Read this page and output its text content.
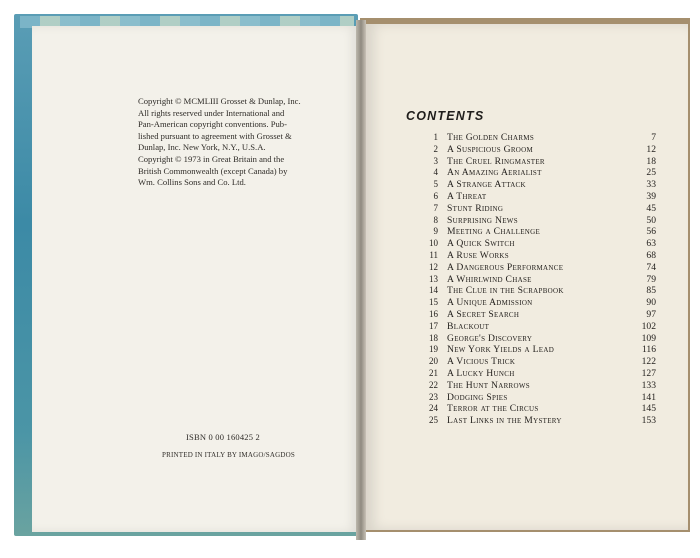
Copyright © MCMLIII Grosset & Dunlap, Inc.
All rights reserved under International and
Pan-American copyright conventions. Pub-
lished pursuant to agreement with Grosset &
Dunlap, Inc. New York, N.Y., U.S.A.
Copyright © 1973 in Great Britain and the
British Commonwealth (except Canada) by
Wm. Collins Sons and Co. Ltd.
ISBN 0 00 160425 2
PRINTED IN ITALY BY IMAGO/SAGDOS
CONTENTS
1 The Golden Charms	7
2 A Suspicious Groom	12
3 The Cruel Ringmaster	18
4 An Amazing Aerialist	25
5 A Strange Attack	33
6 A Threat	39
7 Stunt Riding	45
8 Surprising News	50
9 Meeting a Challenge	56
10 A Quick Switch	63
11 A Ruse Works	68
12 A Dangerous Performance	74
13 A Whirlwind Chase	79
14 The Clue in the Scrapbook	85
15 A Unique Admission	90
16 A Secret Search	97
17 Blackout	102
18 George's Discovery	109
19 New York Yields a Lead	116
20 A Vicious Trick	122
21 A Lucky Hunch	127
22 The Hunt Narrows	133
23 Dodging Spies	141
24 Terror at the Circus	145
25 Last Links in the Mystery	153
